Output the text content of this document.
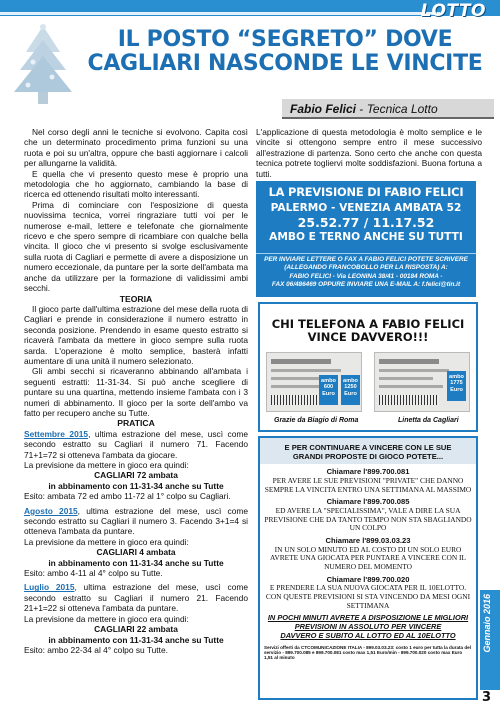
LOTTO
IL POSTO “SEGRETO” DOVE
CAGLIARI NASCONDE LE VINCITE
Fabio Felici - Tecnica Lotto

Nel corso degli anni le tecniche si evolvono. Capita così che un determinato procedimento prima funzioni su una ruota e poi su un'altra, oppure che basti aggiornare i calcoli per allungarne la validità.

E quella che vi presento questo mese è proprio una metodologia che ho aggiornato, cambiando la base di ricerca ed ottenendo risultati molto interessanti.

Prima di cominciare con l'esposizione di questa nuovissima tecnica, vorrei ringraziare tutti voi per le numerose e-mail, lettere e telefonate che giornalmente ricevo e che spero sempre di ricambiare con qualche bella vincita. Il gioco che vi presento si svolge esclusivamente sulla ruota di Cagliari e permette di avere a disposizione un numero eccezionale, da puntare per la sorte dell'ambata ma anche da utilizzare per la formazione di validissimi ambi secchi.

TEORIA

Il gioco parte dall'ultima estrazione del mese della ruota di Cagliari e prende in considerazione il numero estratto in seconda posizione. Prendendo in esame questo estratto si ricaverà l'ambata da mettere in gioco sempre sulla ruota sarda. L'operazione è molto semplice, basterà infatti aumentare di una unità il numero selezionato.

Gli ambi secchi si ricaveranno abbinando all'ambata i seguenti estratti: 11-31-34. Si può anche scegliere di puntare su una quartina, mettendo insieme l'ambata con i 3 numeri di abbinamento. Il gioco per la sorte dell'ambo va fatto per recupero anche su Tutte.

PRATICA

Settembre 2015, ultima estrazione del mese, uscì come secondo estratto su Cagliari il numero 71. Facendo 71+1=72 si otteneva l'ambata da giocare.

La previsione da mettere in gioco era quindi:

CAGLIARI 72 ambata

in abbinamento con 11-31-34 anche su Tutte

Esito: ambata 72 ed ambo 11-72 al 1° colpo su Cagliari.

Agosto 2015, ultima estrazione del mese, uscì come secondo estratto su Cagliari il numero 3. Facendo 3+1=4 si otteneva l'ambata da puntare.

La previsione da mettere in gioco era quindi:

CAGLIARI 4 ambata

in abbinamento con 11-31-34 anche su Tutte

Esito: ambo 4-11 al 4° colpo su Tutte.

Luglio 2015, ultima estrazione del mese, uscì come secondo estratto su Cagliari il numero 21. Facendo 21+1=22 si otteneva l'ambata da puntare.

La previsione da mettere in gioco era quindi:

CAGLIARI 22 ambata

in abbinamento con 11-31-34 anche su Tutte

Esito: ambo 22-34 al 4° colpo su Tutte.

L'applicazione di questa metodologia è molto semplice e le vincite si ottengono sempre entro il mese successivo all'estrazione di partenza. Sono certo che anche con questa tecnica potrete togliervi molte soddisfazioni. Buona fortuna a tutti.
LA PREVISIONE DI FABIO FELICI
PALERMO - VENEZIA AMBATA 52
25.52.77 / 11.17.52
AMBO E TERNO ANCHE SU TUTTI
PER INVIARE LETTERE O FAX A FABIO FELICI POTETE SCRIVERE
(ALLEGANDO FRANCOBOLLO PER LA RISPOSTA) A:
FABIO FELICI - Via LEONINA 38/41 - 00184 ROMA -
FAX 06/486469 OPPURE INVIARE UNA E-MAIL A: f.felici@tin.it
CHI TELEFONA A FABIO FELICI
VINCE DAVVERO!!!
ambo 600 Euro
ambo 1250 Euro
ambo 1775 Euro
Grazie da Biagio di Roma	Linetta da Cagliari
E PER CONTINUARE A VINCERE CON LE SUE
GRANDI PROPOSTE DI GIOCO POTETE...
Chiamare l'899.700.081
PER AVERE LE SUE PREVISIONI "PRIVATE" CHE DANNO SEMPRE LA VINCITA ENTRO UNA SETTIMANA AL MASSIMO
Chiamare l'899.700.085
ED AVERE LA "SPECIALISSIMA", VALE A DIRE LA SUA PREVISIONE CHE DA TANTO TEMPO NON STA SBAGLIANDO UN COLPO
Chiamare l'899.03.03.23
IN UN SOLO MINUTO ED AL COSTO DI UN SOLO EURO AVRETE UNA GIOCATA PER PUNTARE A VINCERE CON IL NUMERO DEL MOMENTO
Chiamare l'899.700.020
E PRENDERE LA SUA NUOVA GIOCATA PER IL 10ELOTTO. CON QUESTE PREVISIONI SI STA VINCENDO DA MESI OGNI SETTIMANA
IN POCHI MINUTI AVRETE A DISPOSIZIONE LE MIGLIORI
PREVISIONI IN ASSOLUTO PER VINCERE
DAVVERO E SUBITO AL LOTTO ED AL 10ELOTTO
Servizi offerti da CTCOMUNICAZIONE ITALIA - 899.03.03.23: costo 1 euro per tutta la durata del servizio - 899.700.085 e 899.700.081 costo max 1,51 Euro/min - 899.700.020 costo max Euro 1,51 al minuto
Gennaio 2016
3
